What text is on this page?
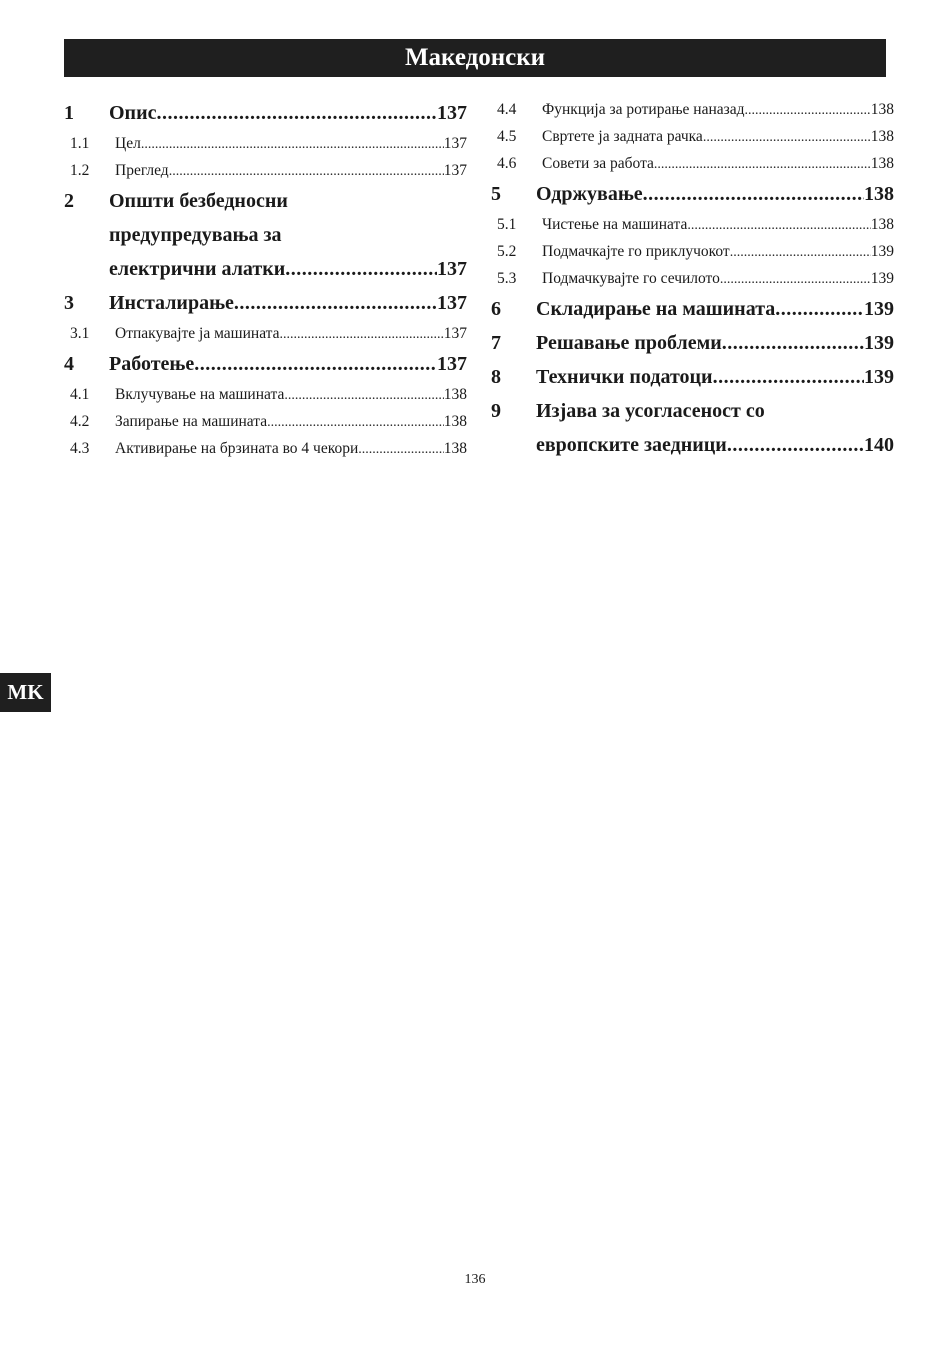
Македонски
MK
1	Опис .....	137
1.1	Цел .....	137
1.2	Преглед .....	137
2	Општи безбедносни
предупредувања за
електрични алатки .....	137
3	Инсталирање .....	137
3.1	Отпакувајте ја машината .....	137
4	Работење .....	137
4.1	Вклучување на машината .....	138
4.2	Запирање на машината .....	138
4.3	Активирање на брзината во 4 чекори .....	138
4.4	Функција за ротирање наназад .....	138
4.5	Свртете ја задната рачка .....	138
4.6	Совети за работа .....	138
5	Одржување .....	138
5.1	Чистење на машината .....	138
5.2	Подмачкајте го приклучокот .....	139
5.3	Подмачкувајте го сечилото .....	139
6	Складирање на машината .....	139
7	Решавање проблеми .....	139
8	Технички податоци .....	139
9	Изјава за усогласеност со
европските заедници .....	140
136
